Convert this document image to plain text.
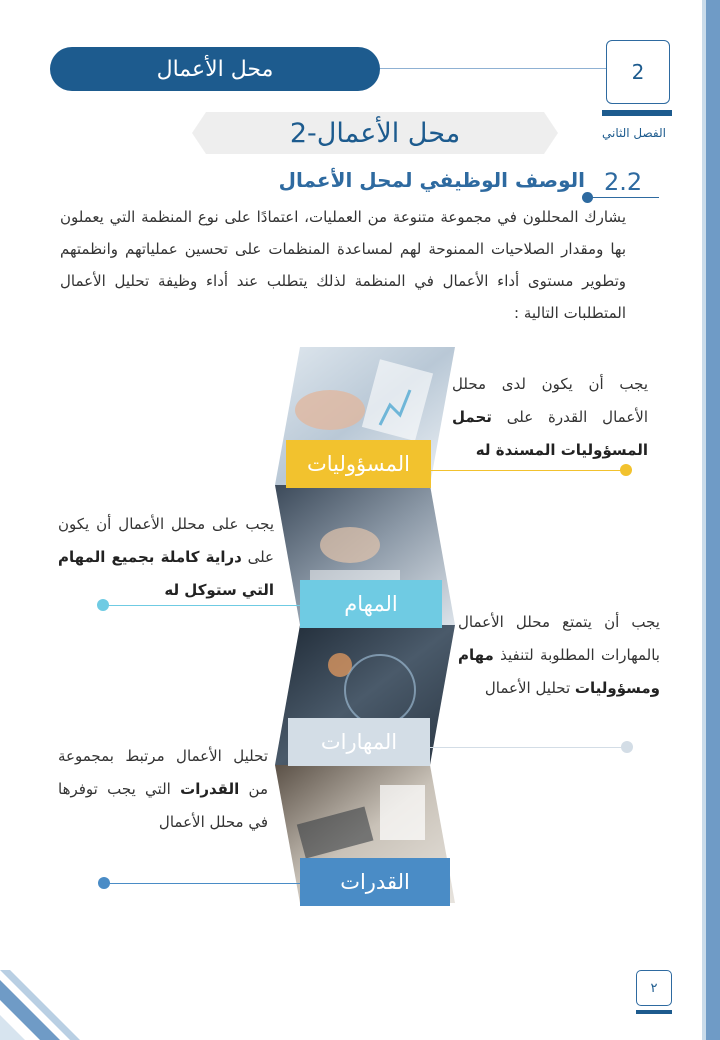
محل الأعمال	2
الفصل الثاني
2-محل الأعمال
الوصف الوظيفي لمحل الأعمال 2.2
يشارك المحللون في مجموعة متنوعة من العمليات، اعتمادًا على نوع المنظمة التي يعملون بها ومقدار الصلاحيات الممنوحة لهم لمساعدة المنظمات على تحسين عملياتهم وانظمتهم وتطوير مستوى أداء الأعمال في المنظمة لذلك يتطلب عند أداء وظيفة تحليل الأعمال المتطلبات التالية :
المسؤوليات
المهام
المهارات
القدرات
يجب أن يكون لدى محلل الأعمال القدرة على تحمل المسؤوليات المسندة له
يجب على محلل الأعمال أن يكون على دراية كاملة بجميع المهام التي ستوكل له
يجب أن يتمتع محلل الأعمال بالمهارات المطلوبة لتنفيذ مهام ومسؤوليات تحليل الأعمال
تحليل الأعمال مرتبط بمجموعة من القدرات التي يجب توفرها في محلل الأعمال
٢
